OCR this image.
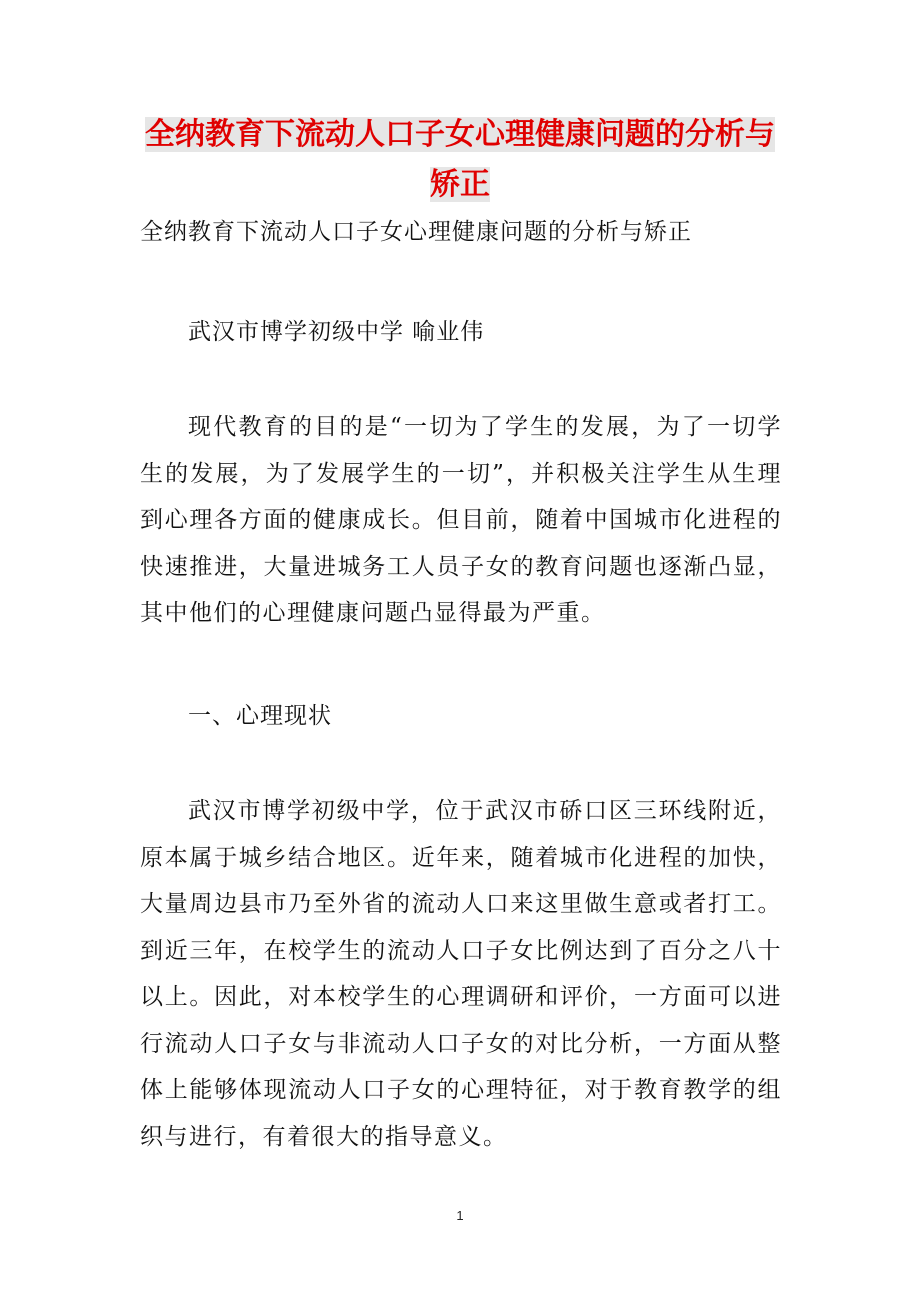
全纳教育下流动人口子女心理健康问题的分析与矫正
全纳教育下流动人口子女心理健康问题的分析与矫正
武汉市博学初级中学 喻业伟

现代教育的目的是“一切为了学生的发展，为了一切学生的发展，为了发展学生的一切”，并积极关注学生从生理到心理各方面的健康成长。但目前，随着中国城市化进程的快速推进，大量进城务工人员子女的教育问题也逐渐凸显，其中他们的心理健康问题凸显得最为严重。

一、心理现状

武汉市博学初级中学，位于武汉市硚口区三环线附近，原本属于城乡结合地区。近年来，随着城市化进程的加快，大量周边县市乃至外省的流动人口来这里做生意或者打工。到近三年，在校学生的流动人口子女比例达到了百分之八十以上。因此，对本校学生的心理调研和评价，一方面可以进行流动人口子女与非流动人口子女的对比分析，一方面从整体上能够体现流动人口子女的心理特征，对于教育教学的组织与进行，有着很大的指导意义。

1
